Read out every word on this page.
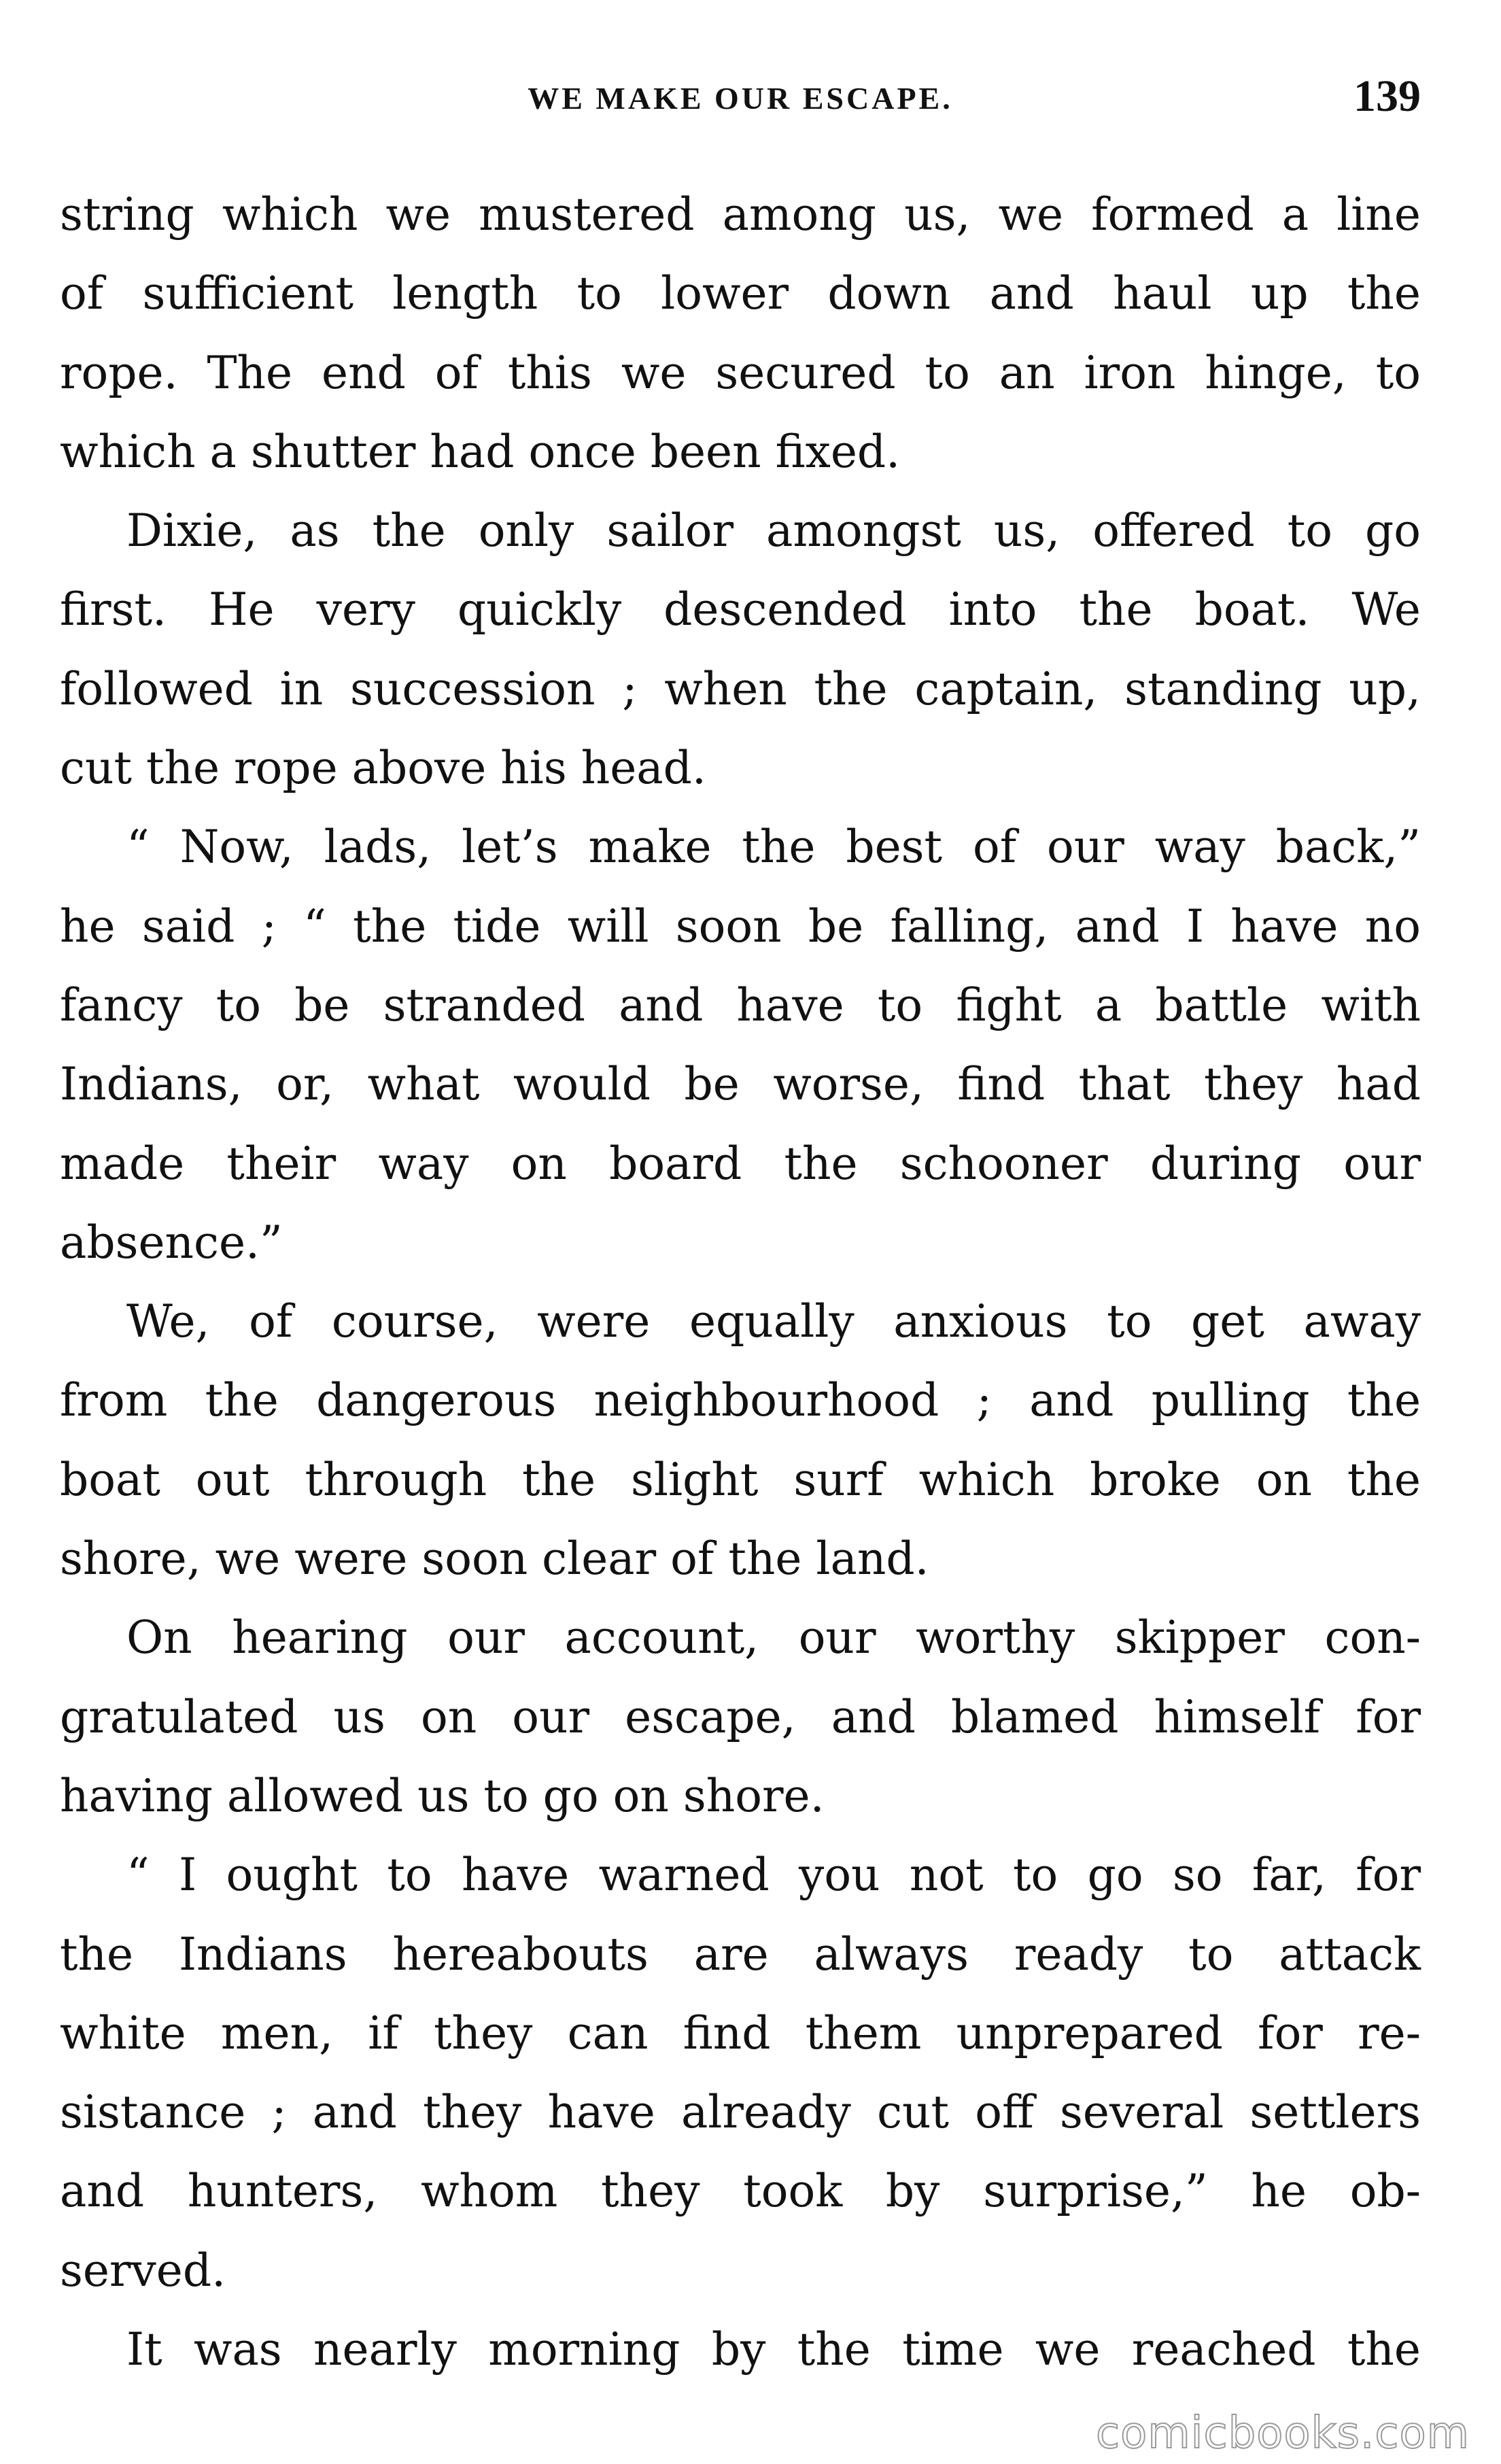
WE MAKE OUR ESCAPE.	139
string which we mustered among us, we formed a line
of sufficient length to lower down and haul up the
rope. The end of this we secured to an iron hinge, to
which a shutter had once been fixed.
Dixie, as the only sailor amongst us, offered to go
first. He very quickly descended into the boat. We
followed in succession ; when the captain, standing up,
cut the rope above his head.
“ Now, lads, let’s make the best of our way back,”
he said ; “ the tide will soon be falling, and I have no
fancy to be stranded and have to fight a battle with
Indians, or, what would be worse, find that they had
made their way on board the schooner during our
absence.”
We, of course, were equally anxious to get away
from the dangerous neighbourhood ; and pulling the
boat out through the slight surf which broke on the
shore, we were soon clear of the land.
On hearing our account, our worthy skipper con-
gratulated us on our escape, and blamed himself for
having allowed us to go on shore.
“ I ought to have warned you not to go so far, for
the Indians hereabouts are always ready to attack
white men, if they can find them unprepared for re-
sistance ; and they have already cut off several settlers
and hunters, whom they took by surprise,” he ob-
served.
It was nearly morning by the time we reached the
comicbooks.com
